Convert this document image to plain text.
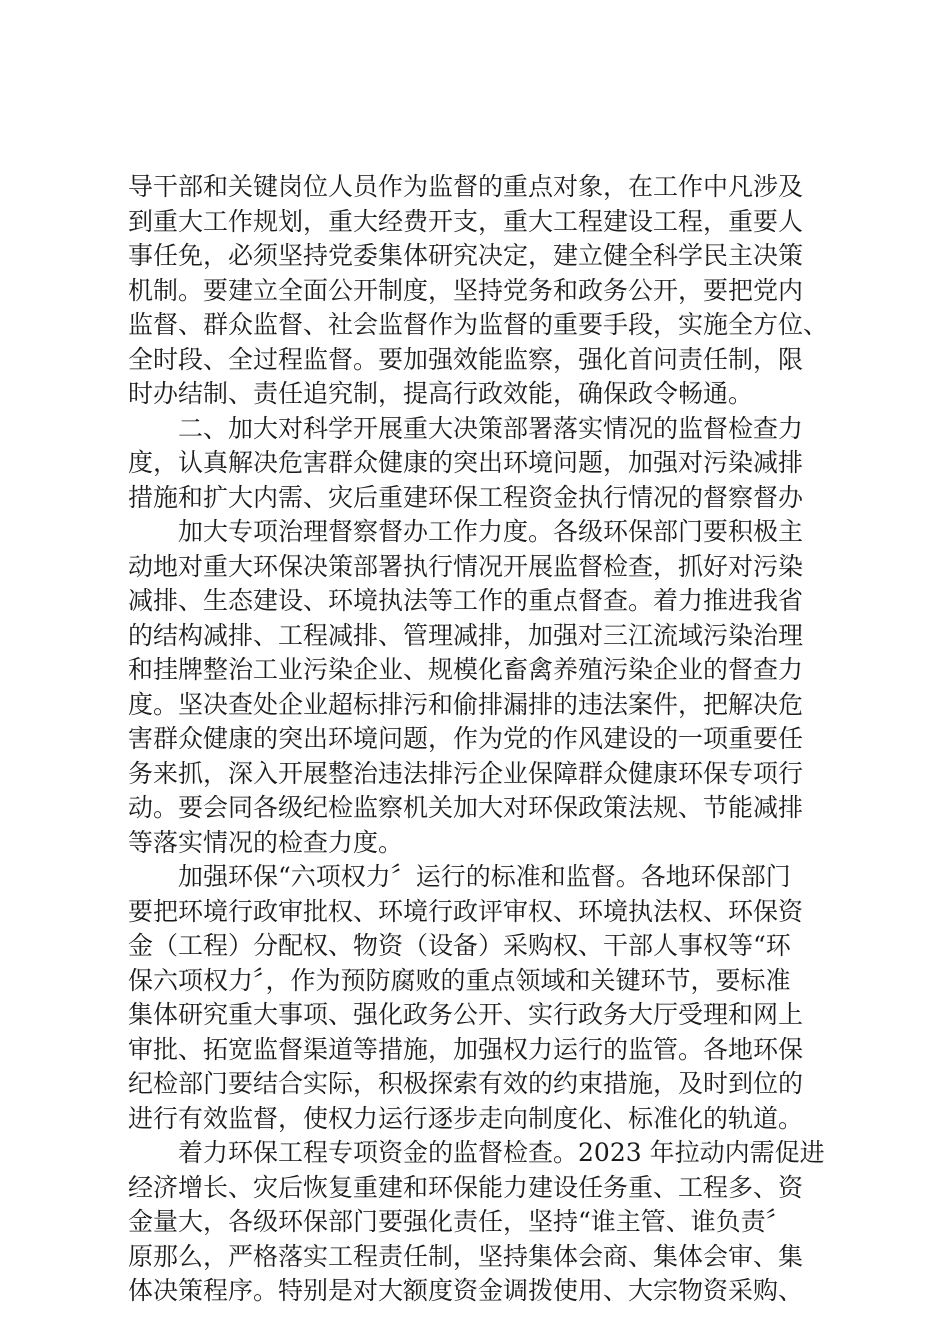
导干部和关键岗位人员作为监督的重点对象，在工作中凡涉及
到重大工作规划，重大经费开支，重大工程建设工程，重要人
事任免，必须坚持党委集体研究决定，建立健全科学民主决策
机制。要建立全面公开制度，坚持党务和政务公开，要把党内
监督、群众监督、社会监督作为监督的重要手段，实施全方位、
全时段、全过程监督。要加强效能监察，强化首问责任制，限
时办结制、责任追究制，提高行政效能，确保政令畅通。
　　二、加大对科学开展重大决策部署落实情况的监督检查力
度，认真解决危害群众健康的突出环境问题，加强对污染减排
措施和扩大内需、灾后重建环保工程资金执行情况的督察督办
　　加大专项治理督察督办工作力度。各级环保部门要积极主
动地对重大环保决策部署执行情况开展监督检查，抓好对污染
减排、生态建设、环境执法等工作的重点督查。着力推进我省
的结构减排、工程减排、管理减排，加强对三江流域污染治理
和挂牌整治工业污染企业、规模化畜禽养殖污染企业的督查力
度。坚决查处企业超标排污和偷排漏排的违法案件，把解决危
害群众健康的突出环境问题，作为党的作风建设的一项重要任
务来抓，深入开展整治违法排污企业保障群众健康环保专项行
动。要会同各级纪检监察机关加大对环保政策法规、节能减排
等落实情况的检查力度。
　　加强环保“六项权力〞运行的标准和监督。各地环保部门
要把环境行政审批权、环境行政评审权、环境执法权、环保资
金（工程）分配权、物资（设备）采购权、干部人事权等“环
保六项权力〞，作为预防腐败的重点领域和关键环节，要标准
集体研究重大事项、强化政务公开、实行政务大厅受理和网上
审批、拓宽监督渠道等措施，加强权力运行的监管。各地环保
纪检部门要结合实际，积极探索有效的约束措施，及时到位的
进行有效监督，使权力运行逐步走向制度化、标准化的轨道。
　　着力环保工程专项资金的监督检查。2023 年拉动内需促进
经济增长、灾后恢复重建和环保能力建设任务重、工程多、资
金量大，各级环保部门要强化责任，坚持“谁主管、谁负责〞
原那么，严格落实工程责任制，坚持集体会商、集体会审、集
体决策程序。特别是对大额度资金调拨使用、大宗物资采购、
